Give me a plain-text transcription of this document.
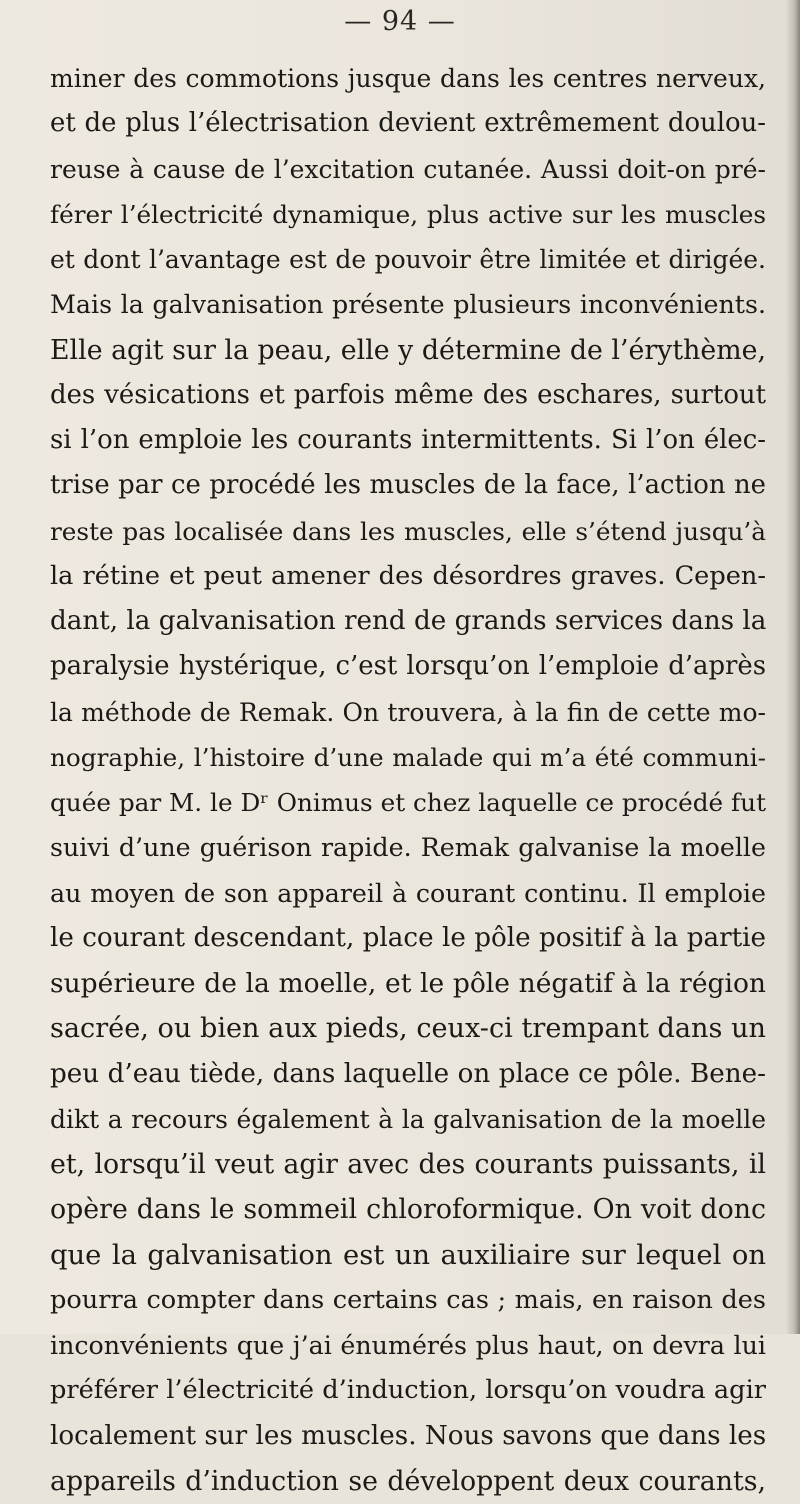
— 94 —
miner des commotions jusque dans les centres nerveux,
et de plus l’électrisation devient extrêmement doulou-
reuse à cause de l’excitation cutanée. Aussi doit-on pré-
férer l’électricité dynamique, plus active sur les muscles
et dont l’avantage est de pouvoir être limitée et dirigée.
Mais la galvanisation présente plusieurs inconvénients.
Elle agit sur la peau, elle y détermine de l’érythème,
des vésications et parfois même des eschares, surtout
si l’on emploie les courants intermittents. Si l’on élec-
trise par ce procédé les muscles de la face, l’action ne
reste pas localisée dans les muscles, elle s’étend jusqu’à
la rétine et peut amener des désordres graves. Cepen-
dant, la galvanisation rend de grands services dans la
paralysie hystérique, c’est lorsqu’on l’emploie d’après
la méthode de Remak. On trouvera, à la fin de cette mo-
nographie, l’histoire d’une malade qui m’a été communi-
quée par M. le Dʳ Onimus et chez laquelle ce procédé fut
suivi d’une guérison rapide. Remak galvanise la moelle
au moyen de son appareil à courant continu. Il emploie
le courant descendant, place le pôle positif à la partie
supérieure de la moelle, et le pôle négatif à la région
sacrée, ou bien aux pieds, ceux-ci trempant dans un
peu d’eau tiède, dans laquelle on place ce pôle. Bene-
dikt a recours également à la galvanisation de la moelle
et, lorsqu’il veut agir avec des courants puissants, il
opère dans le sommeil chloroformique. On voit donc
que la galvanisation est un auxiliaire sur lequel on
pourra compter dans certains cas ; mais, en raison des
inconvénients que j’ai énumérés plus haut, on devra lui
préférer l’électricité d’induction, lorsqu’on voudra agir
localement sur les muscles. Nous savons que dans les
appareils d’induction se développent deux courants,
